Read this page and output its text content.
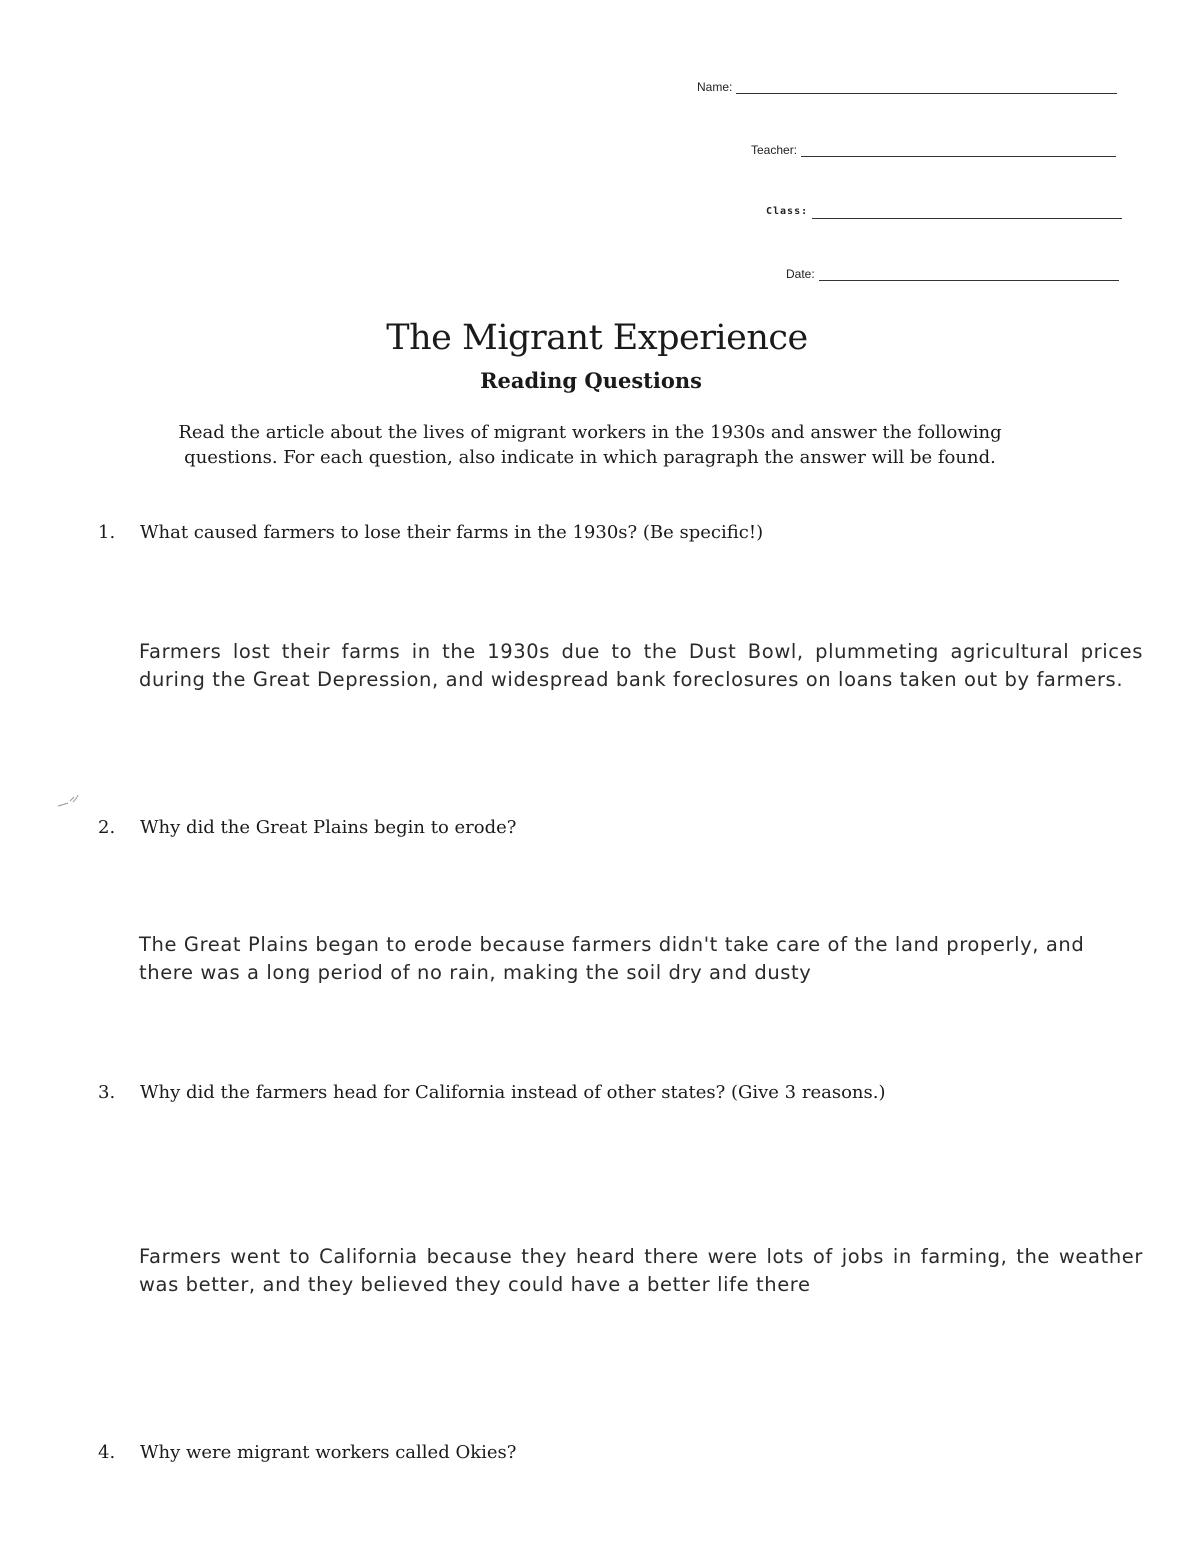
Name:
Teacher:
Class:
Date:
The Migrant Experience
Reading Questions
Read the article about the lives of migrant workers in the 1930s and answer the following
questions. For each question, also indicate in which paragraph the answer will be found.
1.	What caused farmers to lose their farms in the 1930s? (Be specific!)
Farmers lost their farms in the 1930s due to the Dust Bowl, plummeting agricultural prices during the Great Depression, and widespread bank foreclosures on loans taken out by farmers.
2.	Why did the Great Plains begin to erode?
The Great Plains began to erode because farmers didn't take care of the land properly, and there was a long period of no rain, making the soil dry and dusty
3.	Why did the farmers head for California instead of other states? (Give 3 reasons.)
Farmers went to California because they heard there were lots of jobs in farming, the weather was better, and they believed they could have a better life there
4.	Why were migrant workers called Okies?
